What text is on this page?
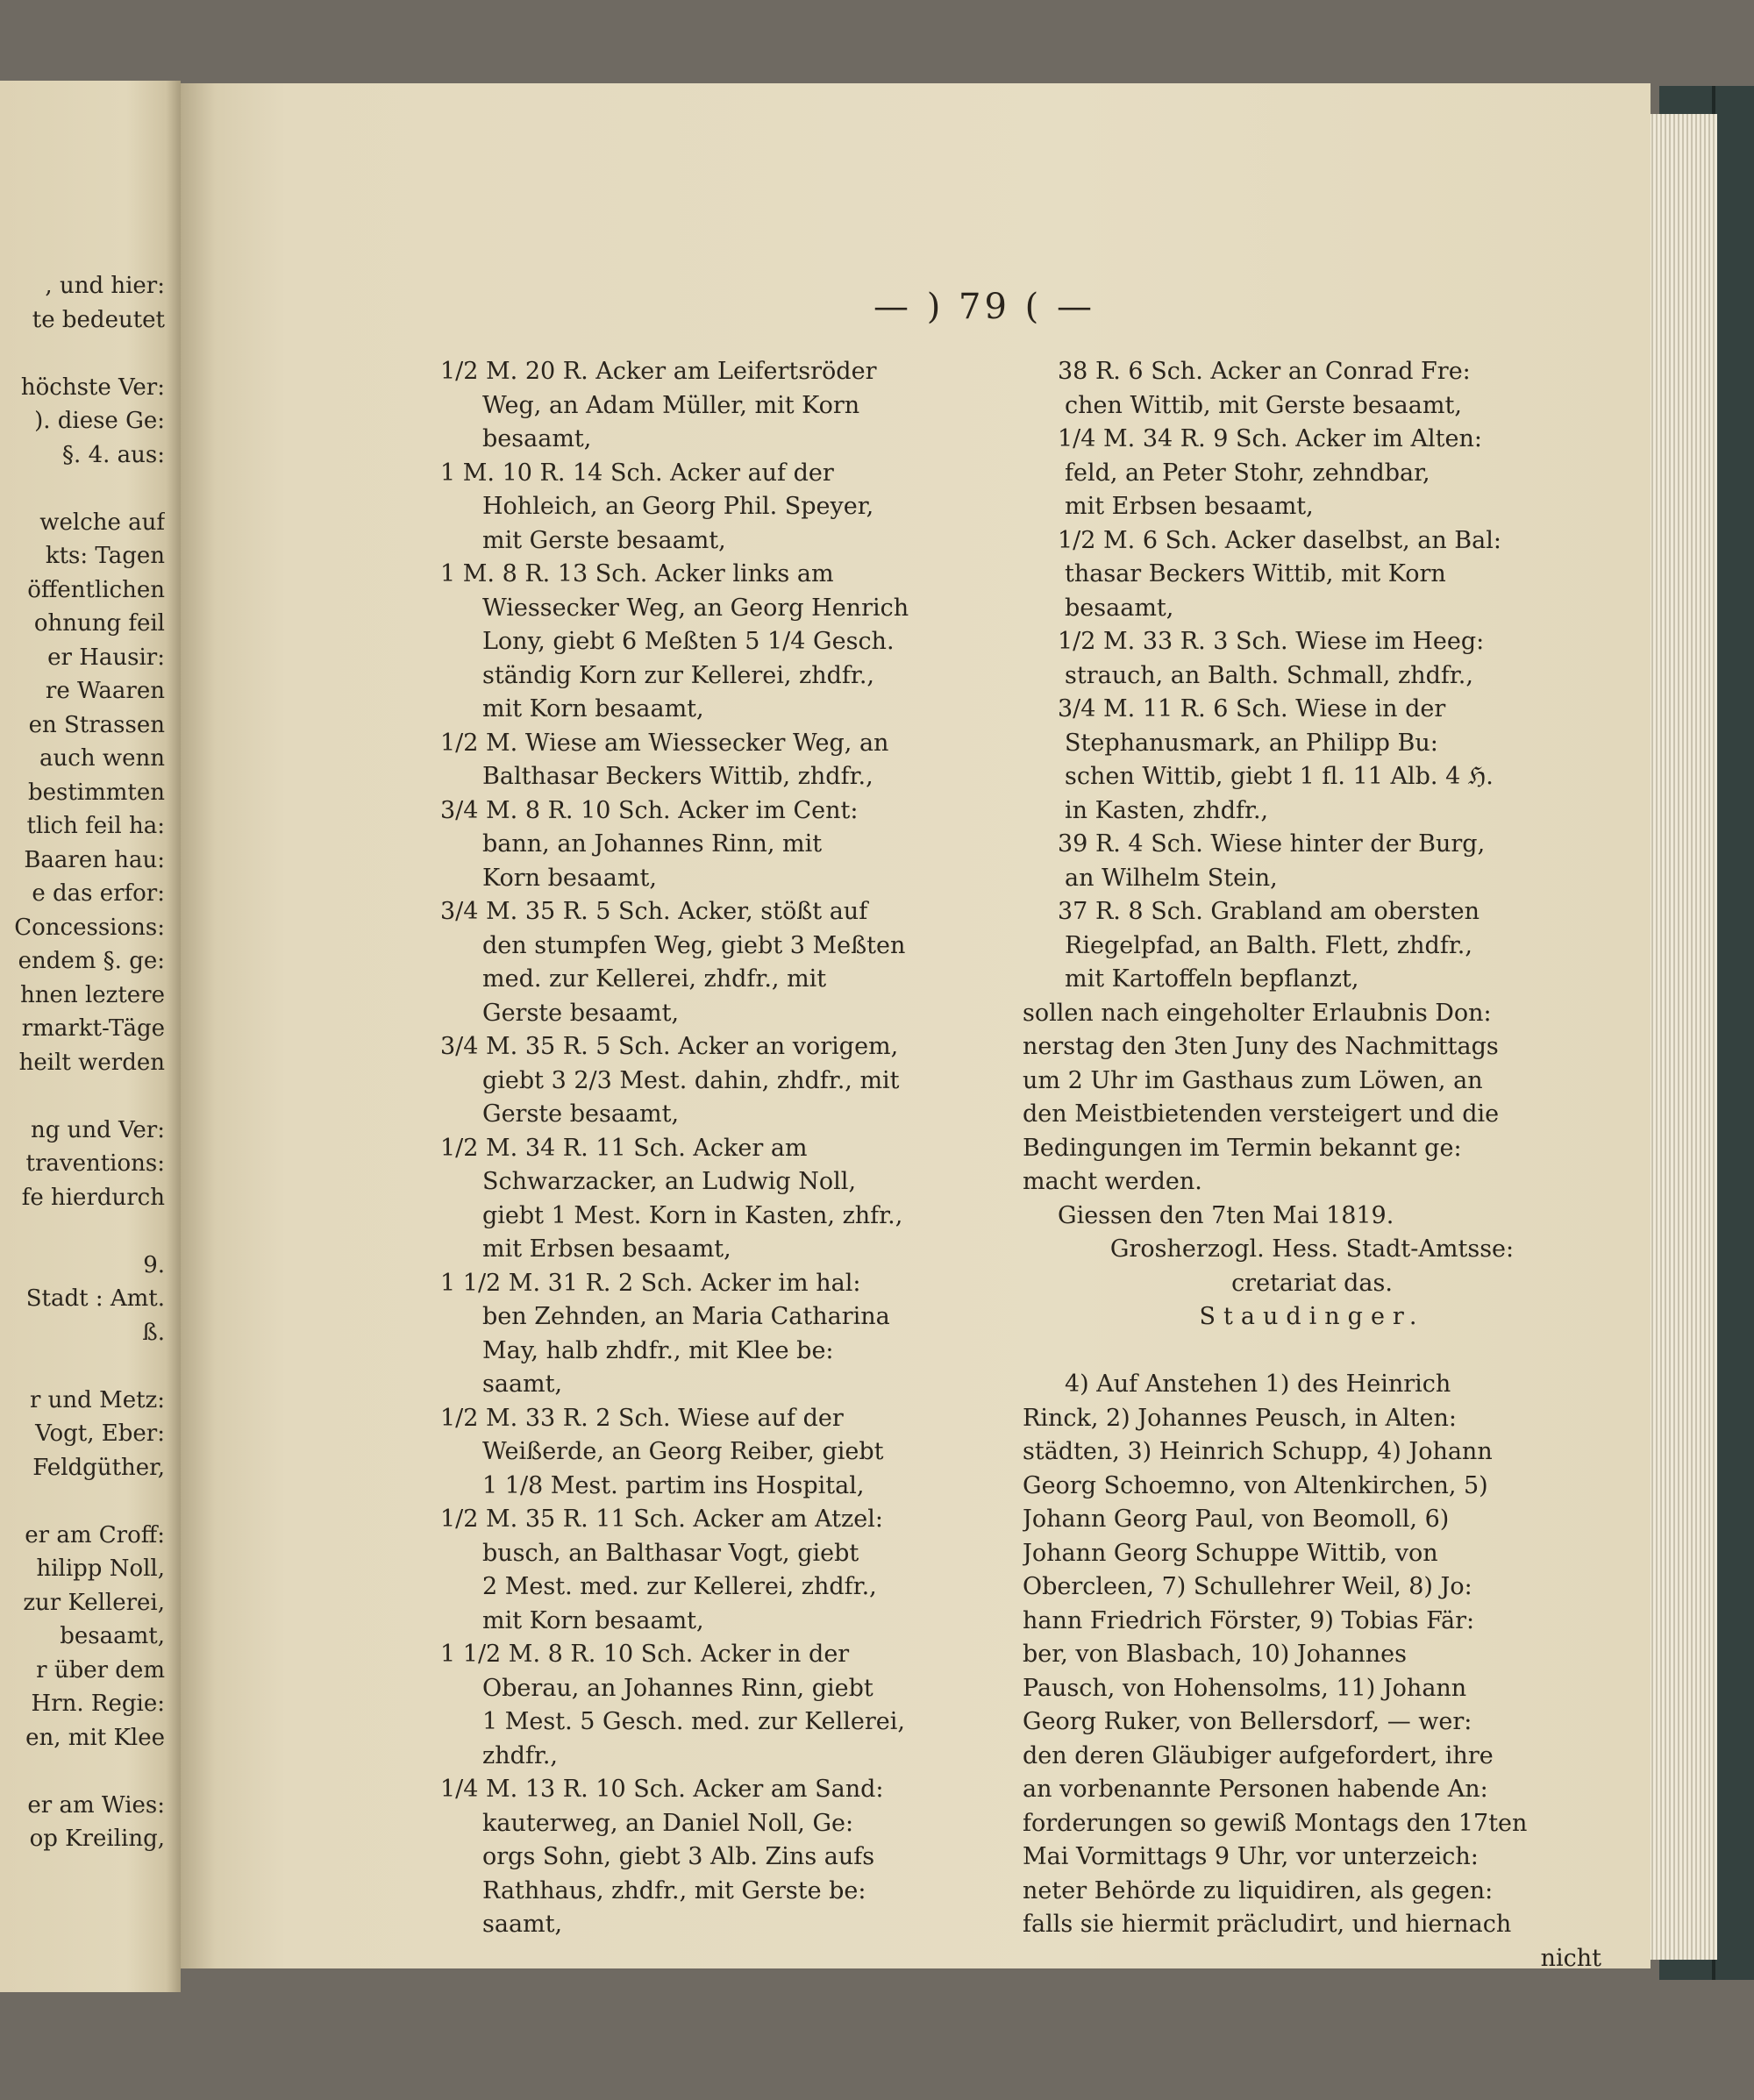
, und hier:
te bedeutet
höchste Ver:
). diese Ge:
§. 4. aus:
welche auf
kts: Tagen
öffentlichen
ohnung feil
er Hausir:
re Waaren
en Strassen
auch wenn
bestimmten
tlich feil ha:
Baaren hau:
e das erfor:
Concessions:
endem §. ge:
hnen leztere
rmarkt-Täge
heilt werden
ng und Ver:
traventions:
fe hierdurch
9.
Stadt : Amt.
ß.
r und Metz:
Vogt, Eber:
Feldgüther,
er am Croff:
hilipp Noll,
zur Kellerei,
besaamt,
r über dem
Hrn. Regie:
en, mit Klee
er am Wies:
op Kreiling,
— ) 79 ( —
1/2 M. 20 R. Acker am Leifertsröder
Weg, an Adam Müller, mit Korn
besaamt,
1 M. 10 R. 14 Sch. Acker auf der
Hohleich, an Georg Phil. Speyer,
mit Gerste besaamt,
1 M. 8 R. 13 Sch. Acker links am
Wiessecker Weg, an Georg Henrich
Lony, giebt 6 Meßten 5 1/4 Gesch.
ständig Korn zur Kellerei, zhdfr.,
mit Korn besaamt,
1/2 M. Wiese am Wiessecker Weg, an
Balthasar Beckers Wittib, zhdfr.,
3/4 M. 8 R. 10 Sch. Acker im Cent:
bann, an Johannes Rinn, mit
Korn besaamt,
3/4 M. 35 R. 5 Sch. Acker, stößt auf
den stumpfen Weg, giebt 3 Meßten
med. zur Kellerei, zhdfr., mit
Gerste besaamt,
3/4 M. 35 R. 5 Sch. Acker an vorigem,
giebt 3 2/3 Mest. dahin, zhdfr., mit
Gerste besaamt,
1/2 M. 34 R. 11 Sch. Acker am
Schwarzacker, an Ludwig Noll,
giebt 1 Mest. Korn in Kasten, zhfr.,
mit Erbsen besaamt,
1 1/2 M. 31 R. 2 Sch. Acker im hal:
ben Zehnden, an Maria Catharina
May, halb zhdfr., mit Klee be:
saamt,
1/2 M. 33 R. 2 Sch. Wiese auf der
Weißerde, an Georg Reiber, giebt
1 1/8 Mest. partim ins Hospital,
1/2 M. 35 R. 11 Sch. Acker am Atzel:
busch, an Balthasar Vogt, giebt
2 Mest. med. zur Kellerei, zhdfr.,
mit Korn besaamt,
1 1/2 M. 8 R. 10 Sch. Acker in der
Oberau, an Johannes Rinn, giebt
1 Mest. 5 Gesch. med. zur Kellerei,
zhdfr.,
1/4 M. 13 R. 10 Sch. Acker am Sand:
kauterweg, an Daniel Noll, Ge:
orgs Sohn, giebt 3 Alb. Zins aufs
Rathhaus, zhdfr., mit Gerste be:
saamt,
38 R. 6 Sch. Acker an Conrad Fre:
chen Wittib, mit Gerste besaamt,
1/4 M. 34 R. 9 Sch. Acker im Alten:
feld, an Peter Stohr, zehndbar,
mit Erbsen besaamt,
1/2 M. 6 Sch. Acker daselbst, an Bal:
thasar Beckers Wittib, mit Korn
besaamt,
1/2 M. 33 R. 3 Sch. Wiese im Heeg:
strauch, an Balth. Schmall, zhdfr.,
3/4 M. 11 R. 6 Sch. Wiese in der
Stephanusmark, an Philipp Bu:
schen Wittib, giebt 1 fl. 11 Alb. 4 ℌ.
in Kasten, zhdfr.,
39 R. 4 Sch. Wiese hinter der Burg,
an Wilhelm Stein,
37 R. 8 Sch. Grabland am obersten
Riegelpfad, an Balth. Flett, zhdfr.,
mit Kartoffeln bepflanzt,
sollen nach eingeholter Erlaubnis Don:
nerstag den 3ten Juny des Nachmittags
um 2 Uhr im Gasthaus zum Löwen, an
den Meistbietenden versteigert und die
Bedingungen im Termin bekannt ge:
macht werden.
Giessen den 7ten Mai 1819.
Grosherzogl. Hess. Stadt-Amtsse:
cretariat das.
Staudinger.
4) Auf Anstehen 1) des Heinrich
Rinck, 2) Johannes Peusch, in Alten:
städten, 3) Heinrich Schupp, 4) Johann
Georg Schoemno, von Altenkirchen, 5)
Johann Georg Paul, von Beomoll, 6)
Johann Georg Schuppe Wittib, von
Obercleen, 7) Schullehrer Weil, 8) Jo:
hann Friedrich Förster, 9) Tobias Fär:
ber, von Blasbach, 10) Johannes
Pausch, von Hohensolms, 11) Johann
Georg Ruker, von Bellersdorf, — wer:
den deren Gläubiger aufgefordert, ihre
an vorbenannte Personen habende An:
forderungen so gewiß Montags den 17ten
Mai Vormittags 9 Uhr, vor unterzeich:
neter Behörde zu liquidiren, als gegen:
falls sie hiermit präcludirt, und hiernach
nicht
